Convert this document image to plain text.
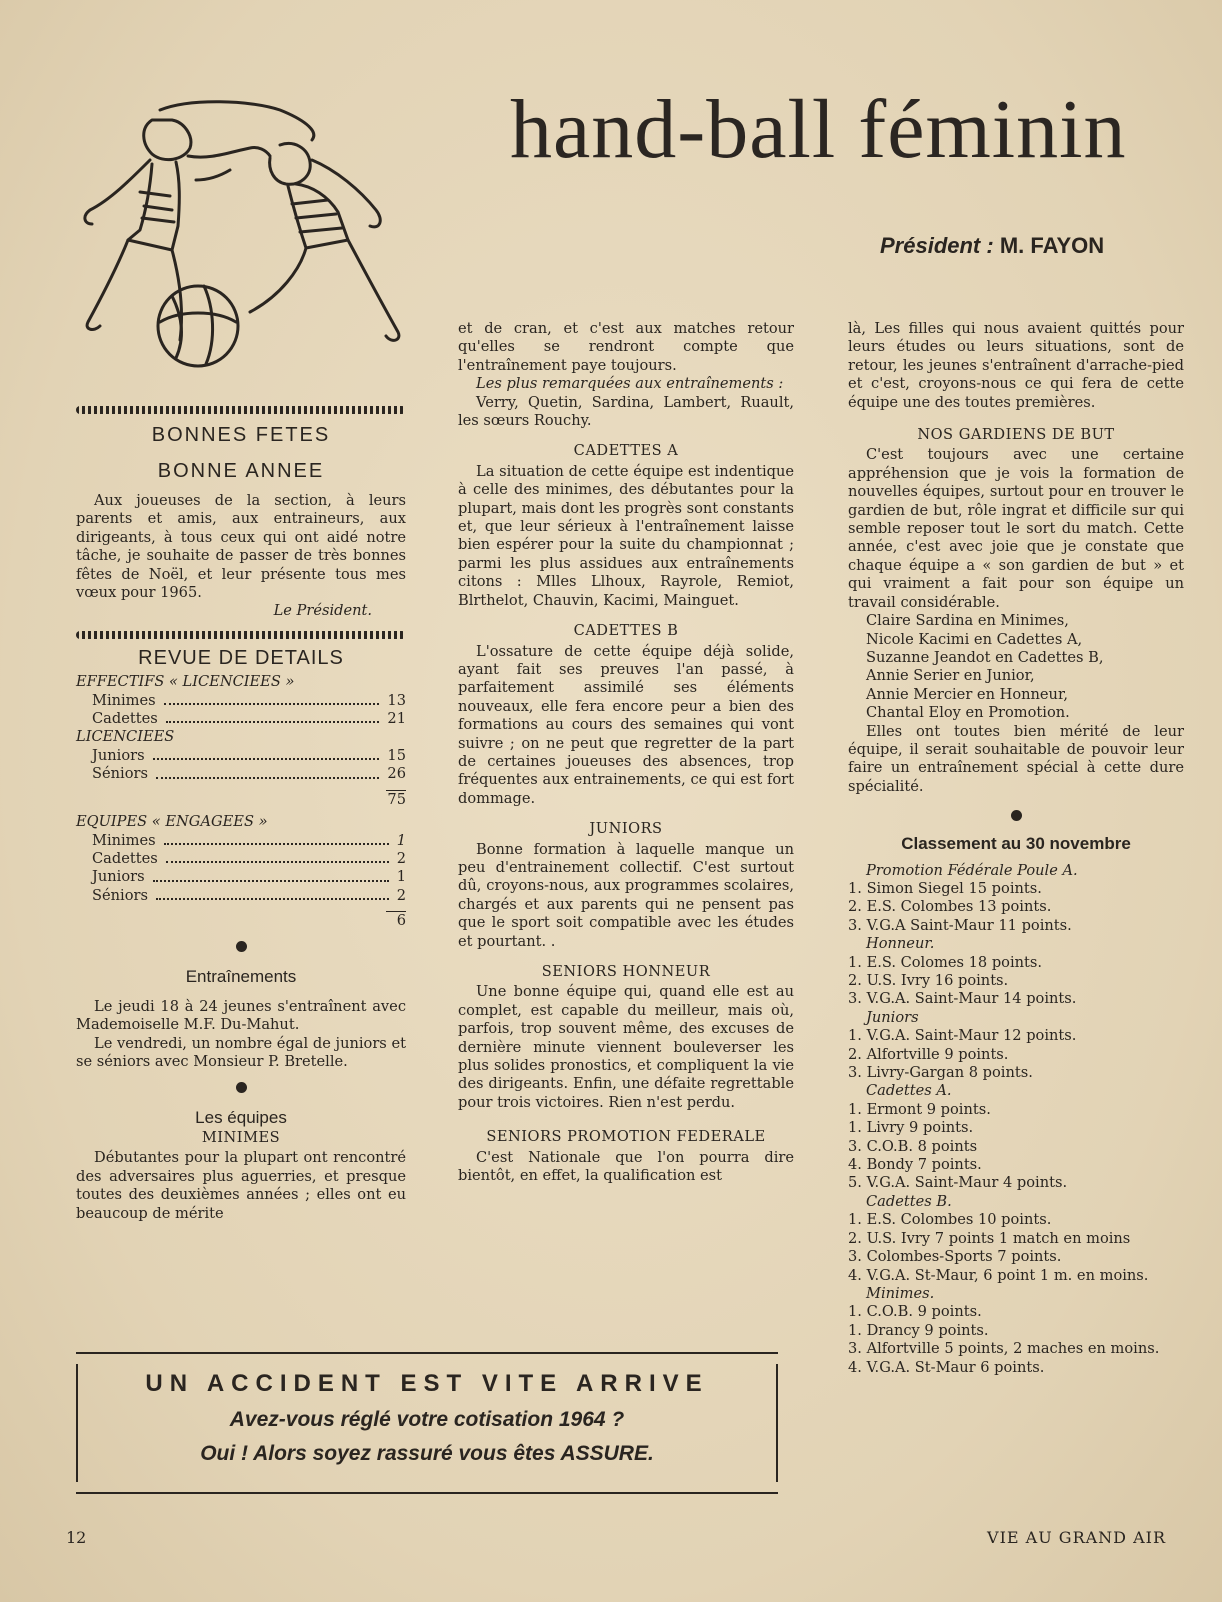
hand-ball féminin
Président : M. FAYON
BONNES FETES
BONNE ANNEE

Aux joueuses de la section, à leurs parents et amis, aux entraineurs, aux dirigeants, à tous ceux qui ont aidé notre tâche, je souhaite de passer de très bonnes fêtes de Noël, et leur présente tous mes vœux pour 1965.

Le Président.
REVUE DE DETAILS
EFFECTIFS « LICENCIEES »
Minimes	13
Cadettes	21
LICENCIEES
Juniors	15
Séniors	26
75
EQUIPES « ENGAGEES »
Minimes	1
Cadettes	2
Juniors	1
Séniors	2
6
Entraînements

Le jeudi 18 à 24 jeunes s'entraînent avec Mademoiselle M.F. Du-Mahut.

Le vendredi, un nombre égal de juniors et se séniors avec Monsieur P. Bretelle.

Les équipes
MINIMES

Débutantes pour la plupart ont rencontré des adversaires plus aguerries, et presque toutes des deuxièmes années ; elles ont eu beaucoup de mérite

et de cran, et c'est aux matches retour qu'elles se rendront compte que l'entraînement paye toujours.

Les plus remarquées aux entraînements :

Verry, Quetin, Sardina, Lambert, Ruault, les sœurs Rouchy.

CADETTES A

La situation de cette équipe est indentique à celle des minimes, des débutantes pour la plupart, mais dont les progrès sont constants et, que leur sérieux à l'entraînement laisse bien espérer pour la suite du championnat ; parmi les plus assidues aux entraînements citons : Mlles Llhoux, Rayrole, Remiot, Blrthelot, Chauvin, Kacimi, Mainguet.

CADETTES B

L'ossature de cette équipe déjà solide, ayant fait ses preuves l'an passé, à parfaitement assimilé ses éléments nouveaux, elle fera encore peur a bien des formations au cours des semaines qui vont suivre ; on ne peut que regretter de la part de certaines joueuses des absences, trop fréquentes aux entrainements, ce qui est fort dommage.

JUNIORS

Bonne formation à laquelle manque un peu d'entrainement collectif. C'est surtout dû, croyons-nous, aux programmes scolaires, chargés et aux parents qui ne pensent pas que le sport soit compatible avec les études et pourtant. .

SENIORS HONNEUR

Une bonne équipe qui, quand elle est au complet, est capable du meilleur, mais où, parfois, trop souvent même, des excuses de dernière minute viennent bouleverser les plus solides pronostics, et compliquent la vie des dirigeants. Enfin, une défaite regrettable pour trois victoires. Rien n'est perdu.

SENIORS PROMOTION FEDERALE

C'est Nationale que l'on pourra dire bientôt, en effet, la qualification est

là, Les filles qui nous avaient quittés pour leurs études ou leurs situations, sont de retour, les jeunes s'entraînent d'arrache-pied et c'est, croyons-nous ce qui fera de cette équipe une des toutes premières.

NOS GARDIENS DE BUT

C'est toujours avec une certaine appréhension que je vois la formation de nouvelles équipes, surtout pour en trouver le gardien de but, rôle ingrat et difficile sur qui semble reposer tout le sort du match. Cette année, c'est avec joie que je constate que chaque équipe a « son gardien de but » et qui vraiment a fait pour son équipe un travail considérable.

Claire Sardina en Minimes,
Nicole Kacimi en Cadettes A,
Suzanne Jeandot en Cadettes B,
Annie Serier en Junior,
Annie Mercier en Honneur,
Chantal Eloy en Promotion.

Elles ont toutes bien mérité de leur équipe, il serait souhaitable de pouvoir leur faire un entraînement spécial à cette dure spécialité.

Classement au 30 novembre
Promotion Fédérale Poule A.
1. Simon Siegel 15 points.
2. E.S. Colombes 13 points.
3. V.G.A Saint-Maur 11 points.
Honneur.
1. E.S. Colomes 18 points.
2. U.S. Ivry 16 points.
3. V.G.A. Saint-Maur 14 points.
Juniors
1. V.G.A. Saint-Maur 12 points.
2. Alfortville 9 points.
3. Livry-Gargan 8 points.
Cadettes A.
1. Ermont 9 points.
1. Livry 9 points.
3. C.O.B. 8 points
4. Bondy 7 points.
5. V.G.A. Saint-Maur 4 points.
Cadettes B.
1. E.S. Colombes 10 points.
2. U.S. Ivry 7 points 1 match en moins
3. Colombes-Sports 7 points.
4. V.G.A. St-Maur, 6 point 1 m. en moins.
Minimes.
1. C.O.B. 9 points.
1. Drancy 9 points.
3. Alfortville 5 points, 2 maches en moins.
4. V.G.A. St-Maur 6 points.
UN ACCIDENT EST VITE ARRIVE
Avez-vous réglé votre cotisation 1964 ?
Oui ! Alors soyez rassuré vous êtes ASSURE.
12	VIE AU GRAND AIR
